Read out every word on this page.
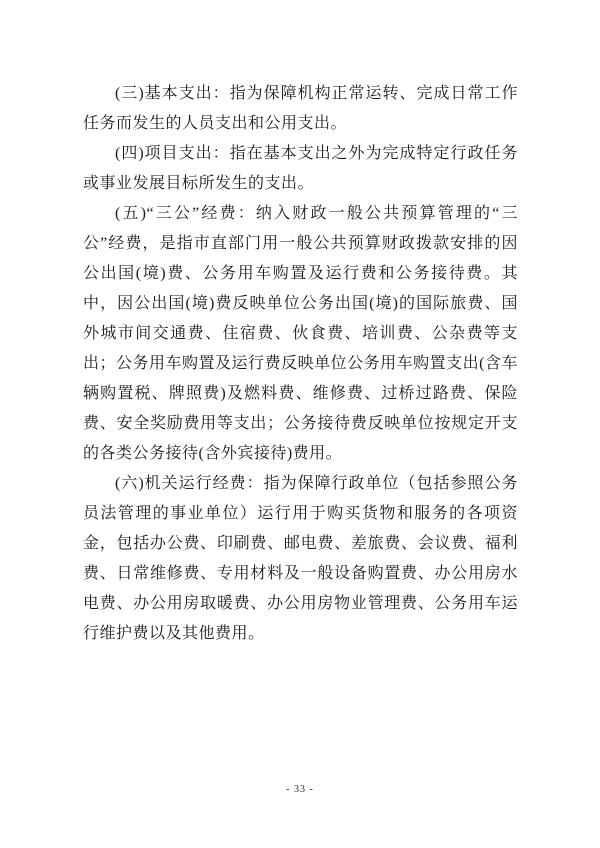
(三)基本支出：指为保障机构正常运转、完成日常工作任务而发生的人员支出和公用支出。

(四)项目支出：指在基本支出之外为完成特定行政任务或事业发展目标所发生的支出。

(五)“三公”经费：纳入财政一般公共预算管理的“三公”经费，是指市直部门用一般公共预算财政拨款安排的因公出国(境)费、公务用车购置及运行费和公务接待费。其中，因公出国(境)费反映单位公务出国(境)的国际旅费、国外城市间交通费、住宿费、伙食费、培训费、公杂费等支出；公务用车购置及运行费反映单位公务用车购置支出(含车辆购置税、牌照费)及燃料费、维修费、过桥过路费、保险费、安全奖励费用等支出；公务接待费反映单位按规定开支的各类公务接待(含外宾接待)费用。

(六)机关运行经费：指为保障行政单位（包括参照公务员法管理的事业单位）运行用于购买货物和服务的各项资金，包括办公费、印刷费、邮电费、差旅费、会议费、福利费、日常维修费、专用材料及一般设备购置费、办公用房水电费、办公用房取暖费、办公用房物业管理费、公务用车运行维护费以及其他费用。

- 33 -
